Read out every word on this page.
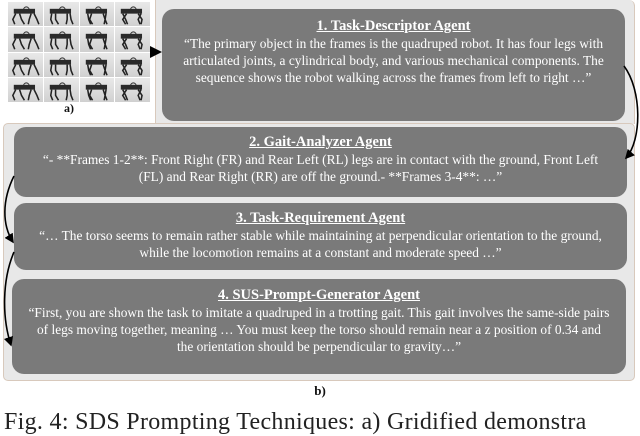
a)
1. Task-Descriptor Agent
“The primary object in the frames is the quadruped robot. It has four legs with articulated joints, a cylindrical body, and various mechanical components. The sequence shows the robot walking across the frames from left to right …”
2. Gait-Analyzer Agent
“- **Frames 1-2**: Front Right (FR) and Rear Left (RL) legs are in contact with the ground, Front Left (FL) and Rear Right (RR) are off the ground.- **Frames 3-4**: …”
3. Task-Requirement Agent
“… The torso seems to remain rather stable while maintaining at perpendicular orientation to the ground, while the locomotion remains at a constant and moderate speed …”
4. SUS-Prompt-Generator Agent
“First, you are shown the task to imitate a quadruped in a trotting gait. This gait involves the same-side pairs of legs moving together, meaning … You must keep the torso should remain near a z position of 0.34 and the orientation should be perpendicular to gravity…”
b)
Fig. 4: SDS Prompting Techniques: a) Gridified demonstra
